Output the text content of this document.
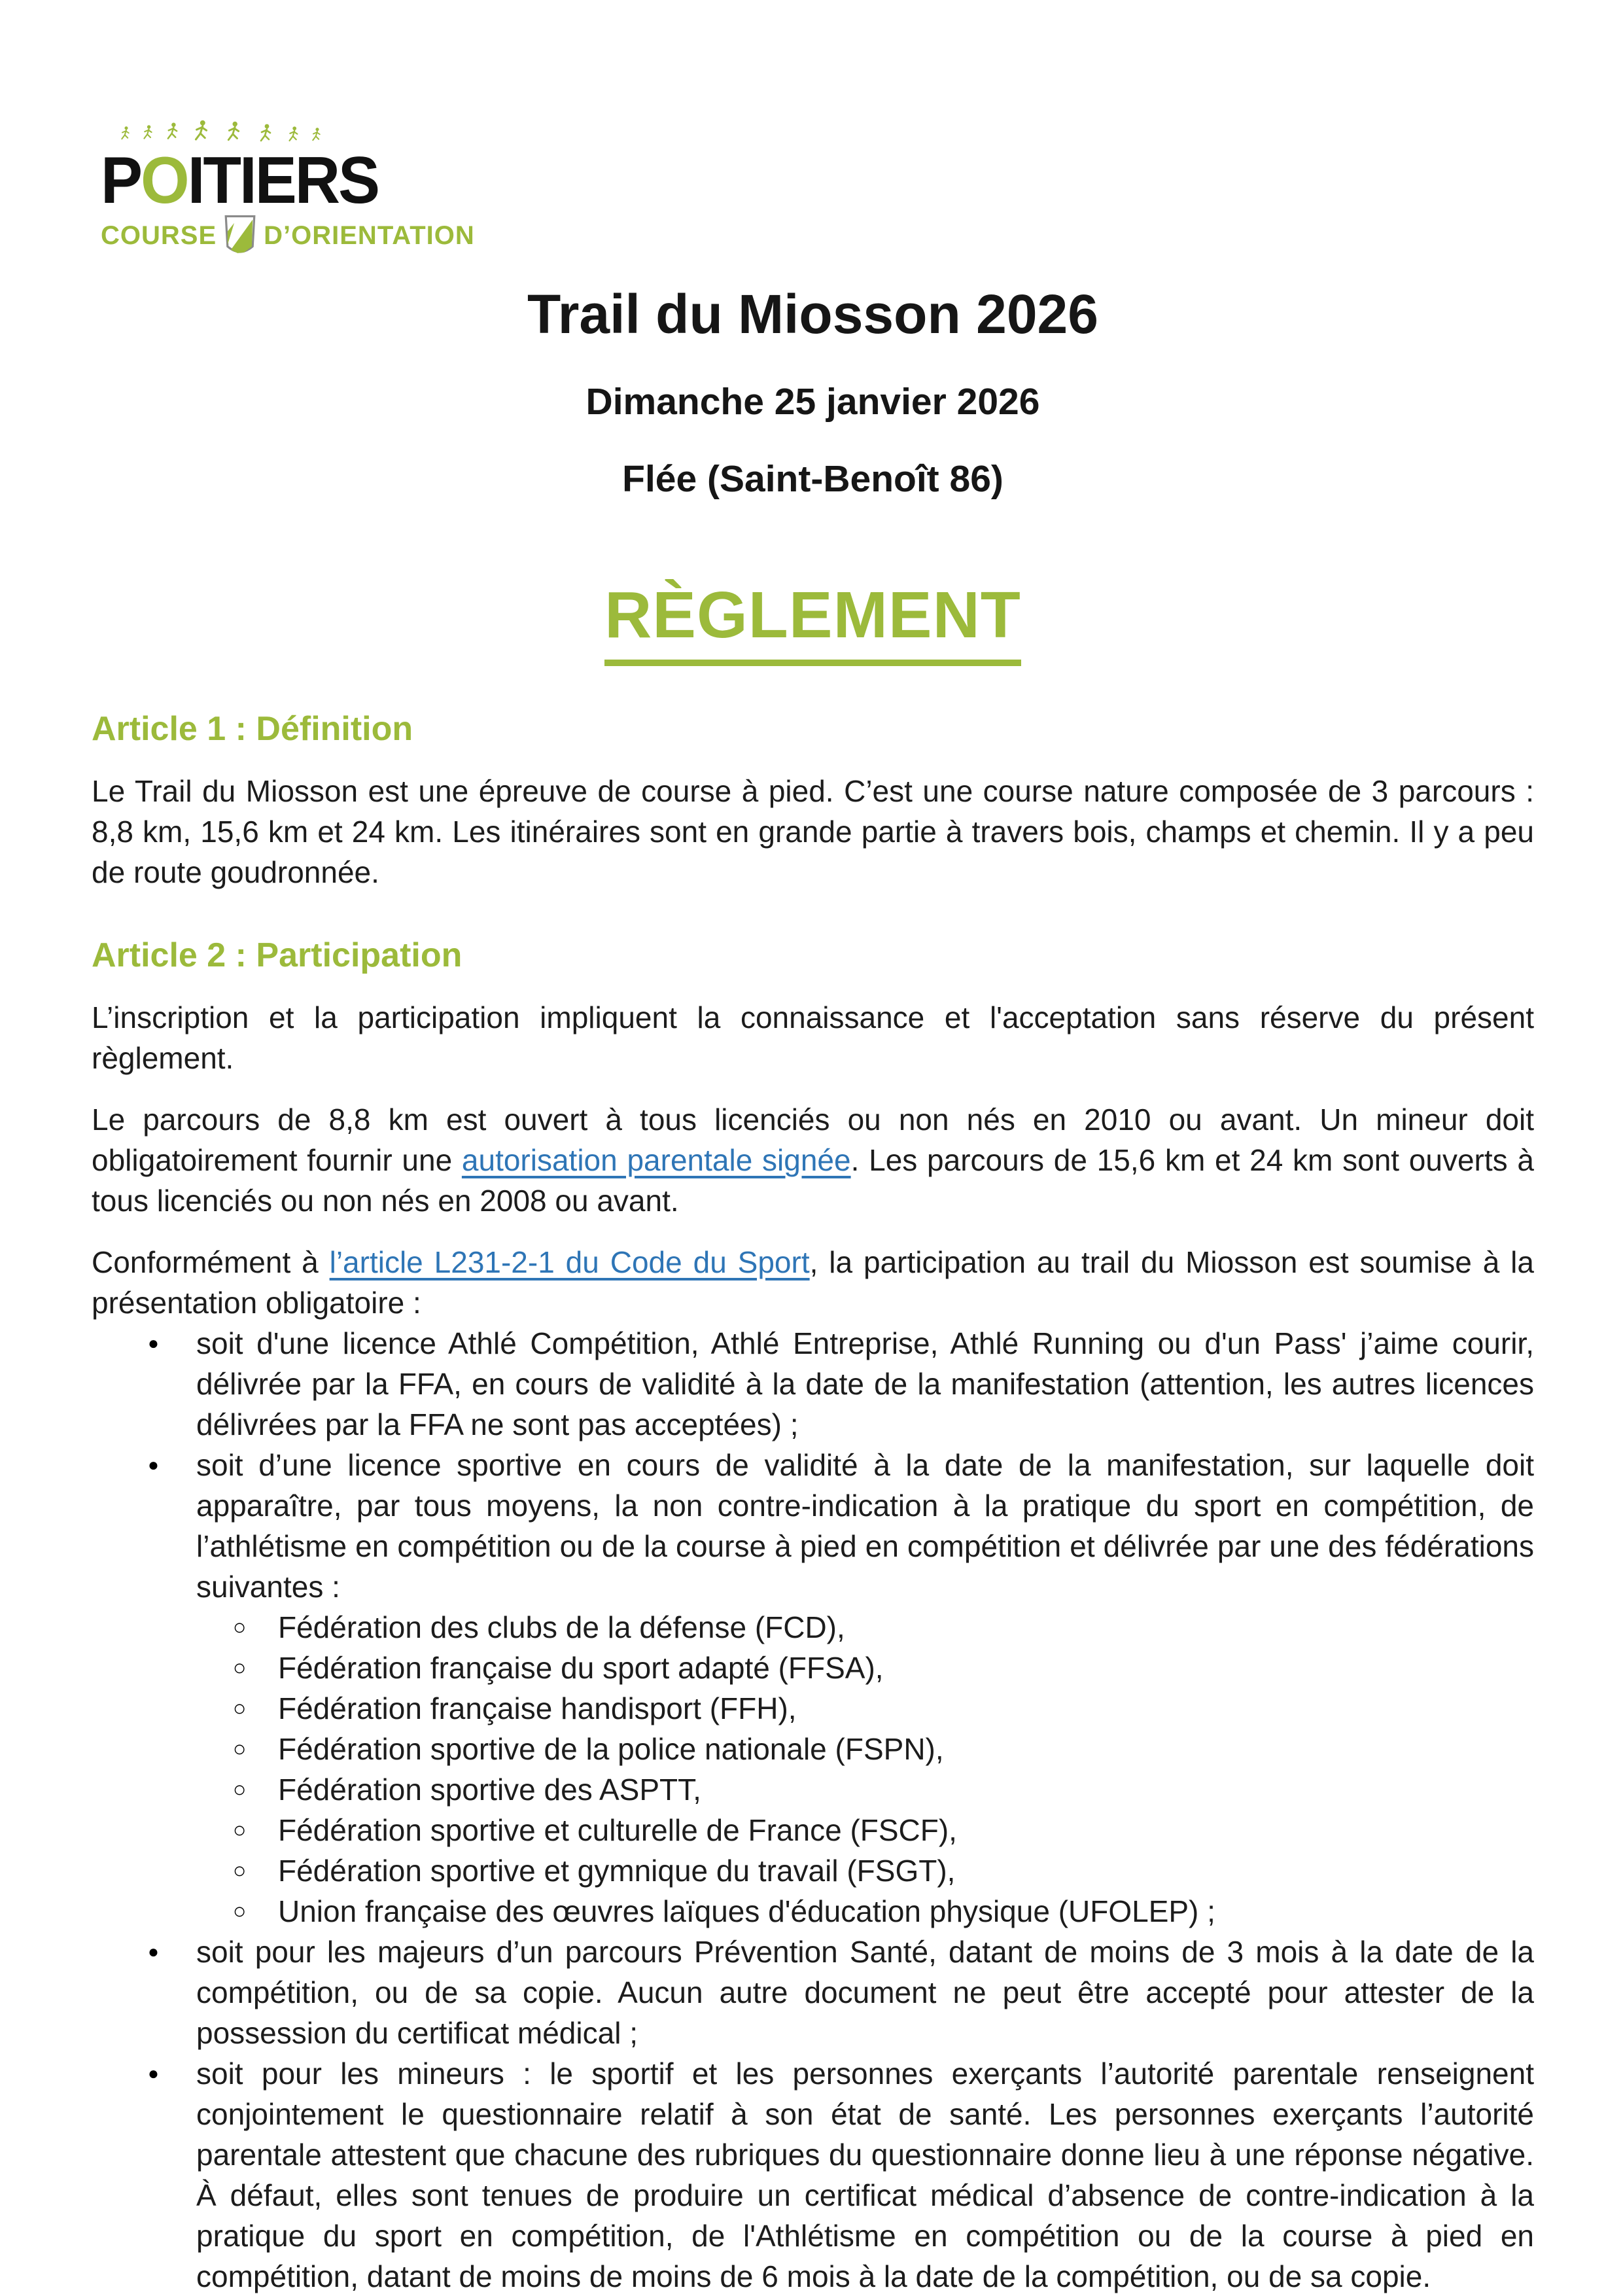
POITIERS
COURSE D’ORIENTATION
Trail du Miosson 2026

Dimanche 25 janvier 2026

Flée (Saint-Benoît 86)

RÈGLEMENT
Article 1 : Définition

Le Trail du Miosson est une épreuve de course à pied. C’est une course nature composée de 3 parcours : 8,8 km, 15,6 km et 24 km. Les itinéraires sont en grande partie à travers bois, champs et chemin. Il y a peu de route goudronnée.

Article 2 : Participation

L’inscription et la participation impliquent la connaissance et l'acceptation sans réserve du présent règlement.

Le parcours de 8,8 km est ouvert à tous licenciés ou non nés en 2010 ou avant. Un mineur doit obligatoirement fournir une autorisation parentale signée. Les parcours de 15,6 km et 24 km sont ouverts à tous licenciés ou non nés en 2008 ou avant.

Conformément à l’article L231-2-1 du Code du Sport, la participation au trail du Miosson est soumise à la présentation obligatoire :

● soit d'une licence Athlé Compétition, Athlé Entreprise, Athlé Running ou d'un Pass' j’aime courir, délivrée par la FFA, en cours de validité à la date de la manifestation (attention, les autres licences délivrées par la FFA ne sont pas acceptées) ;
● soit d’une licence sportive en cours de validité à la date de la manifestation, sur laquelle doit apparaître, par tous moyens, la non contre-indication à la pratique du sport en compétition, de l’athlétisme en compétition ou de la course à pied en compétition et délivrée par une des fédérations suivantes :
○ Fédération des clubs de la défense (FCD),
○ Fédération française du sport adapté (FFSA),
○ Fédération française handisport (FFH),
○ Fédération sportive de la police nationale (FSPN),
○ Fédération sportive des ASPTT,
○ Fédération sportive et culturelle de France (FSCF),
○ Fédération sportive et gymnique du travail (FSGT),
○ Union française des œuvres laïques d'éducation physique (UFOLEP) ;
● soit pour les majeurs d’un parcours Prévention Santé, datant de moins de 3 mois à la date de la compétition, ou de sa copie. Aucun autre document ne peut être accepté pour attester de la possession du certificat médical ;
● soit pour les mineurs : le sportif et les personnes exerçants l’autorité parentale renseignent conjointement le questionnaire relatif à son état de santé. Les personnes exerçants l’autorité parentale attestent que chacune des rubriques du questionnaire donne lieu à une réponse négative. À défaut, elles sont tenues de produire un certificat médical d’absence de contre-indication à la pratique du sport en compétition, de l'Athlétisme en compétition ou de la course à pied en compétition, datant de moins de moins de 6 mois à la date de la compétition, ou de sa copie.
